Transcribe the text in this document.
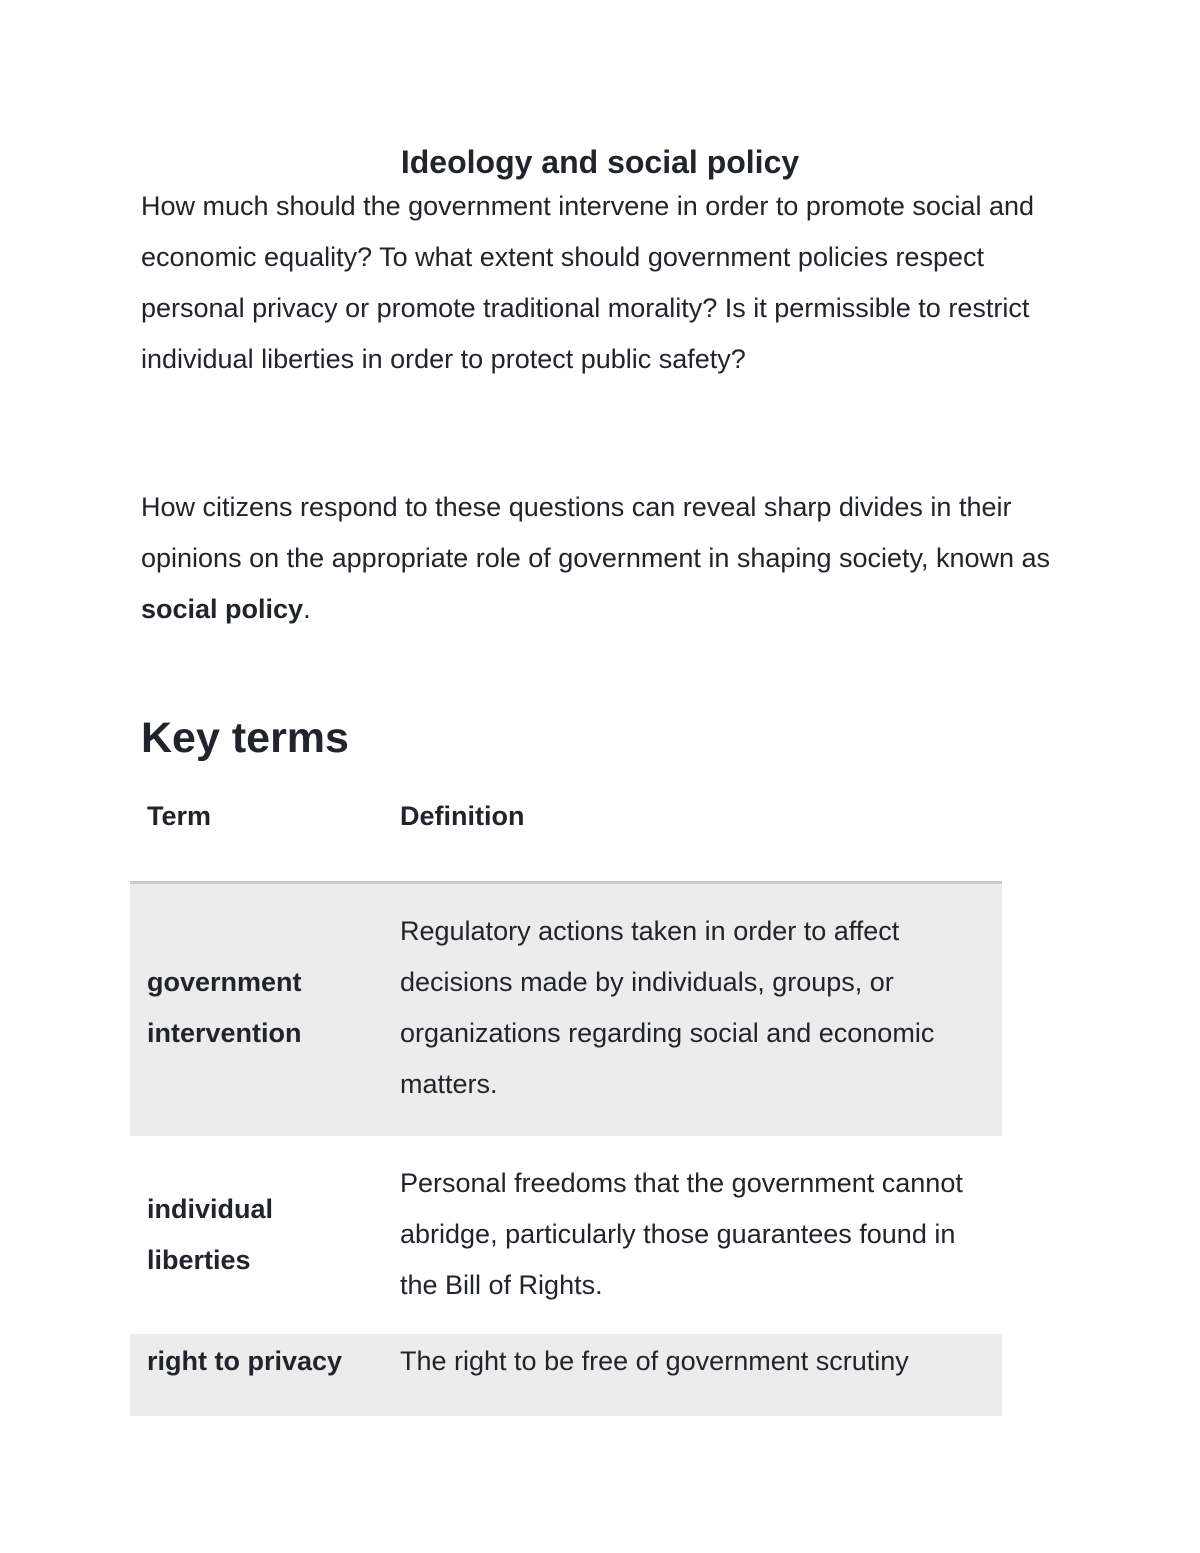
Ideology and social policy

How much should the government intervene in order to promote social and economic equality? To what extent should government policies respect personal privacy or promote traditional morality? Is it permissible to restrict individual liberties in order to protect public safety?

How citizens respond to these questions can reveal sharp divides in their opinions on the appropriate role of government in shaping society, known as social policy.

Key terms
Term	Definition
government intervention	Regulatory actions taken in order to affect decisions made by individuals, groups, or organizations regarding social and economic matters.
individual liberties	Personal freedoms that the government cannot abridge, particularly those guarantees found in the Bill of Rights.
right to privacy	The right to be free of government scrutiny
